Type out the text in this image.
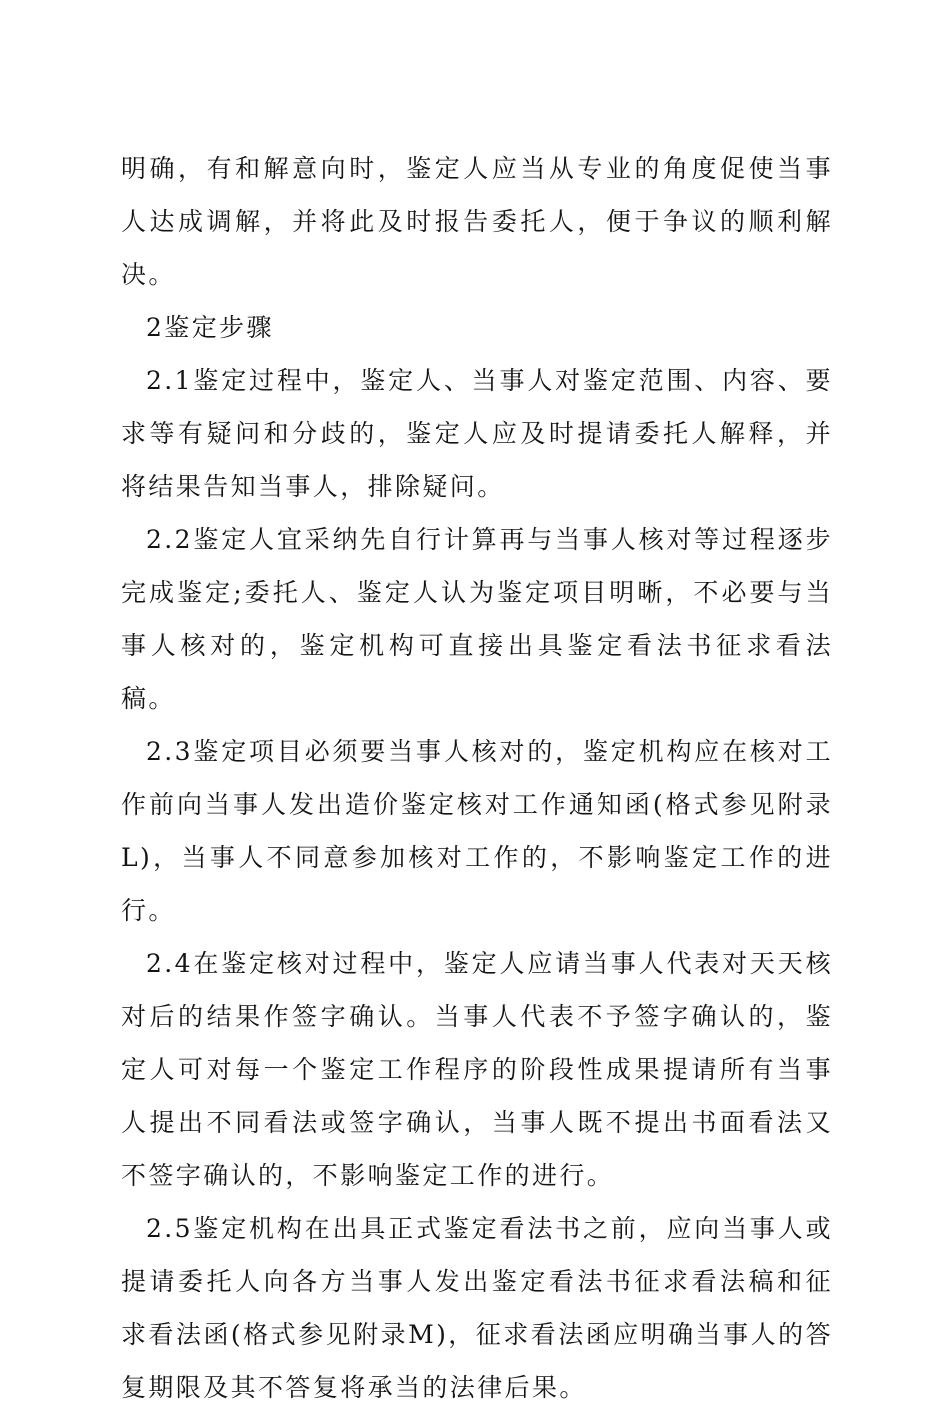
明确，有和解意向时，鉴定人应当从专业的角度促使当事人达成调解，并将此及时报告委托人，便于争议的顺利解决。

2鉴定步骤

2.1鉴定过程中，鉴定人、当事人对鉴定范围、内容、要求等有疑问和分歧的，鉴定人应及时提请委托人解释，并将结果告知当事人，排除疑问。

2.2鉴定人宜采纳先自行计算再与当事人核对等过程逐步完成鉴定;委托人、鉴定人认为鉴定项目明晰，不必要与当事人核对的，鉴定机构可直接出具鉴定看法书征求看法稿。

2.3鉴定项目必须要当事人核对的，鉴定机构应在核对工作前向当事人发出造价鉴定核对工作通知函(格式参见附录L)，当事人不同意参加核对工作的，不影响鉴定工作的进行。

2.4在鉴定核对过程中，鉴定人应请当事人代表对天天核对后的结果作签字确认。当事人代表不予签字确认的，鉴定人可对每一个鉴定工作程序的阶段性成果提请所有当事人提出不同看法或签字确认，当事人既不提出书面看法又不签字确认的，不影响鉴定工作的进行。

2.5鉴定机构在出具正式鉴定看法书之前，应向当事人或提请委托人向各方当事人发出鉴定看法书征求看法稿和征求看法函(格式参见附录M)，征求看法函应明确当事人的答复期限及其不答复将承当的法律后果。
